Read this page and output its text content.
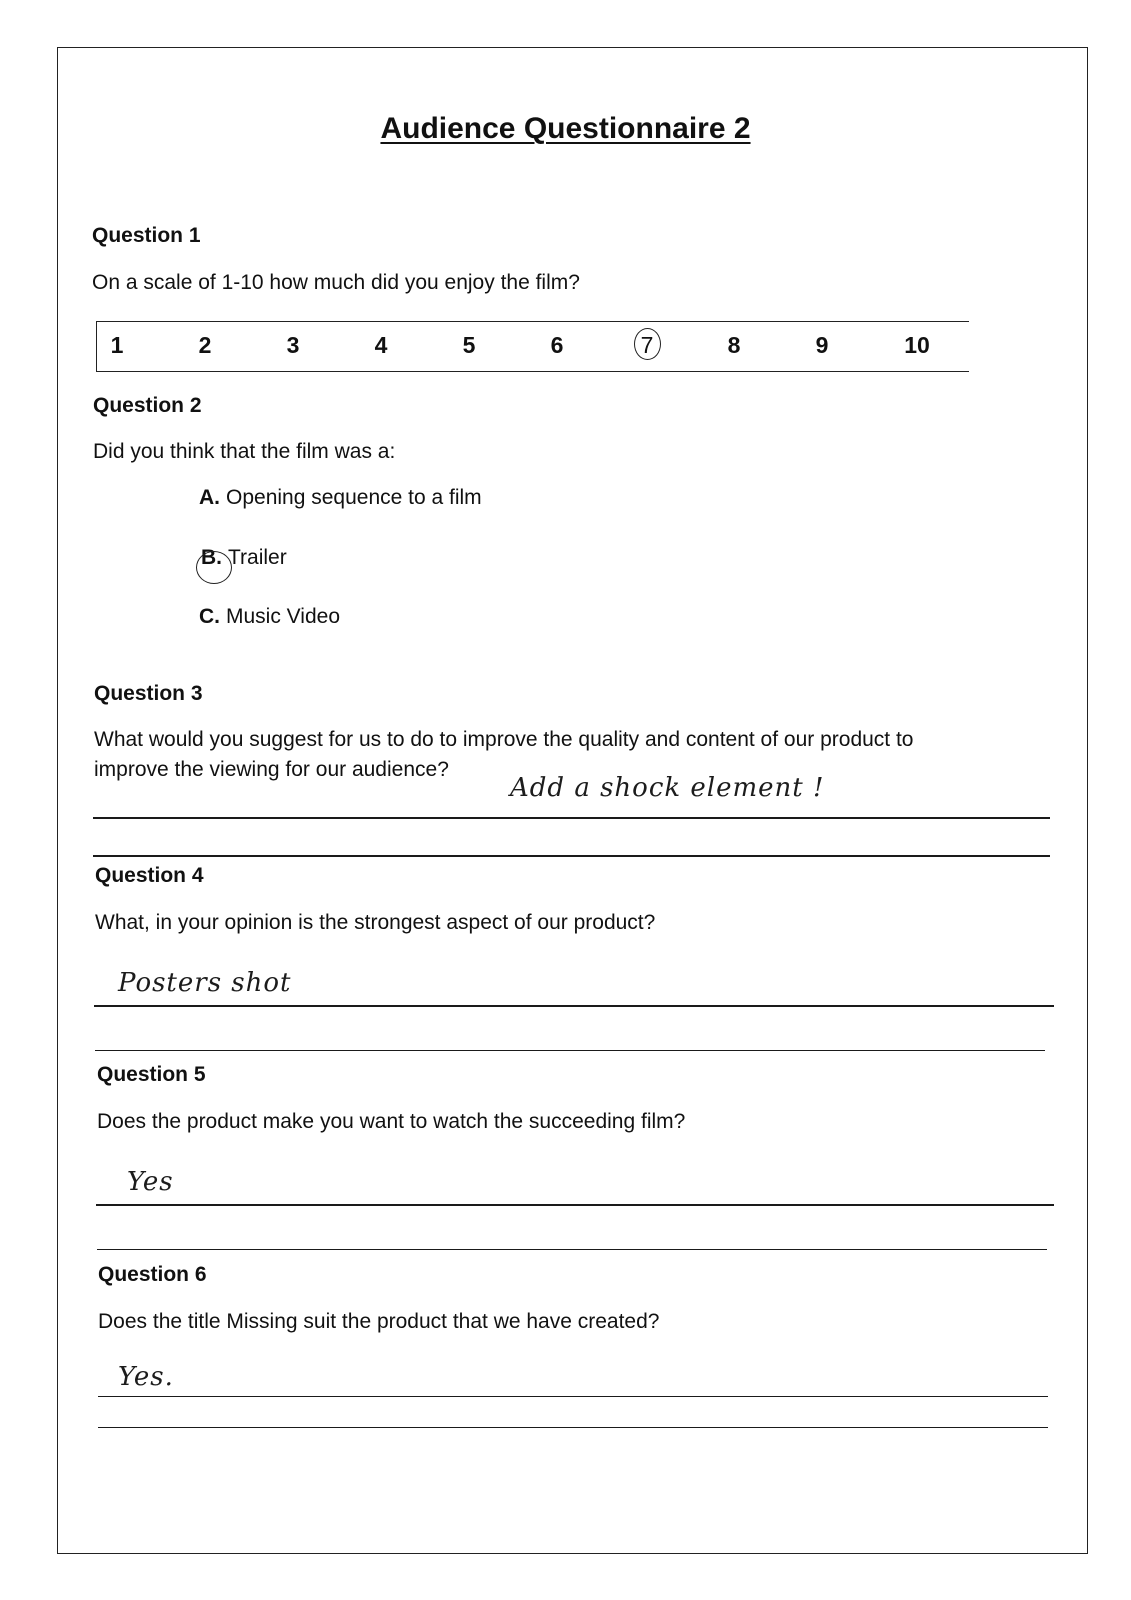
Audience Questionnaire 2
Question 1
On a scale of 1-10 how much did you enjoy the film?
1	2	3	4	5	6	7	8	9	10
Question 2
Did you think that the film was a:
A. Opening sequence to a film
B. Trailer
C. Music Video
Question 3
What would you suggest for us to do to improve the quality and content of our product to
improve the viewing for our audience?
Add a shock element !
Question 4
What, in your opinion is the strongest aspect of our product?
Posters shot
Question 5
Does the product make you want to watch the succeeding film?
Yes
Question 6
Does the title Missing suit the product that we have created?
Yes.
